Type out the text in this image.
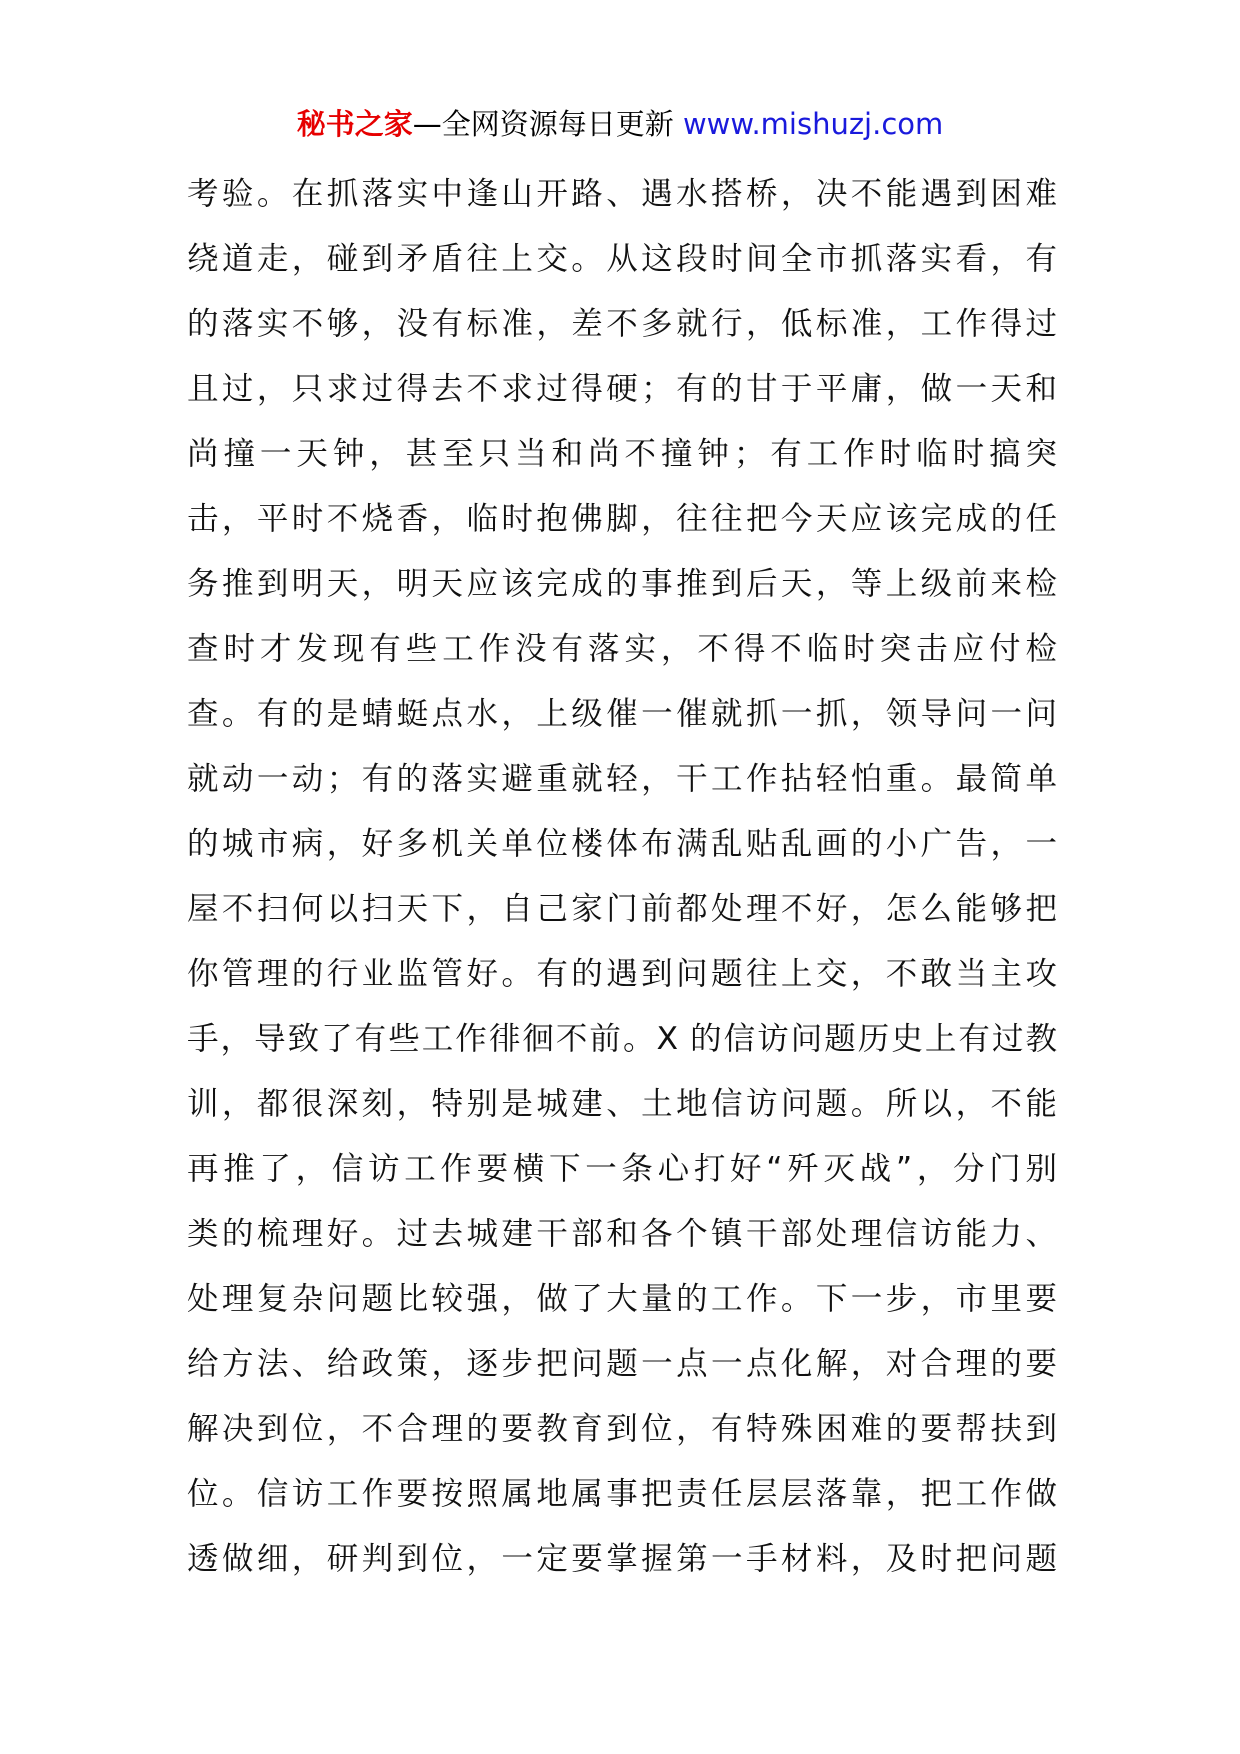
秘书之家—全网资源每日更新 www.mishuzj.com
考验。在抓落实中逢山开路、遇水搭桥，决不能遇到困难
绕道走，碰到矛盾往上交。从这段时间全市抓落实看，有
的落实不够，没有标准，差不多就行，低标准，工作得过
且过，只求过得去不求过得硬；有的甘于平庸，做一天和
尚撞一天钟，甚至只当和尚不撞钟；有工作时临时搞突
击，平时不烧香，临时抱佛脚，往往把今天应该完成的任
务推到明天，明天应该完成的事推到后天，等上级前来检
查时才发现有些工作没有落实，不得不临时突击应付检
查。有的是蜻蜓点水，上级催一催就抓一抓，领导问一问
就动一动；有的落实避重就轻，干工作拈轻怕重。最简单
的城市病，好多机关单位楼体布满乱贴乱画的小广告，一
屋不扫何以扫天下，自己家门前都处理不好，怎么能够把
你管理的行业监管好。有的遇到问题往上交，不敢当主攻
手，导致了有些工作徘徊不前。X 的信访问题历史上有过教
训，都很深刻，特别是城建、土地信访问题。所以，不能
再推了，信访工作要横下一条心打好“歼灭战”，分门别
类的梳理好。过去城建干部和各个镇干部处理信访能力、
处理复杂问题比较强，做了大量的工作。下一步，市里要
给方法、给政策，逐步把问题一点一点化解，对合理的要
解决到位，不合理的要教育到位，有特殊困难的要帮扶到
位。信访工作要按照属地属事把责任层层落靠，把工作做
透做细，研判到位，一定要掌握第一手材料，及时把问题
